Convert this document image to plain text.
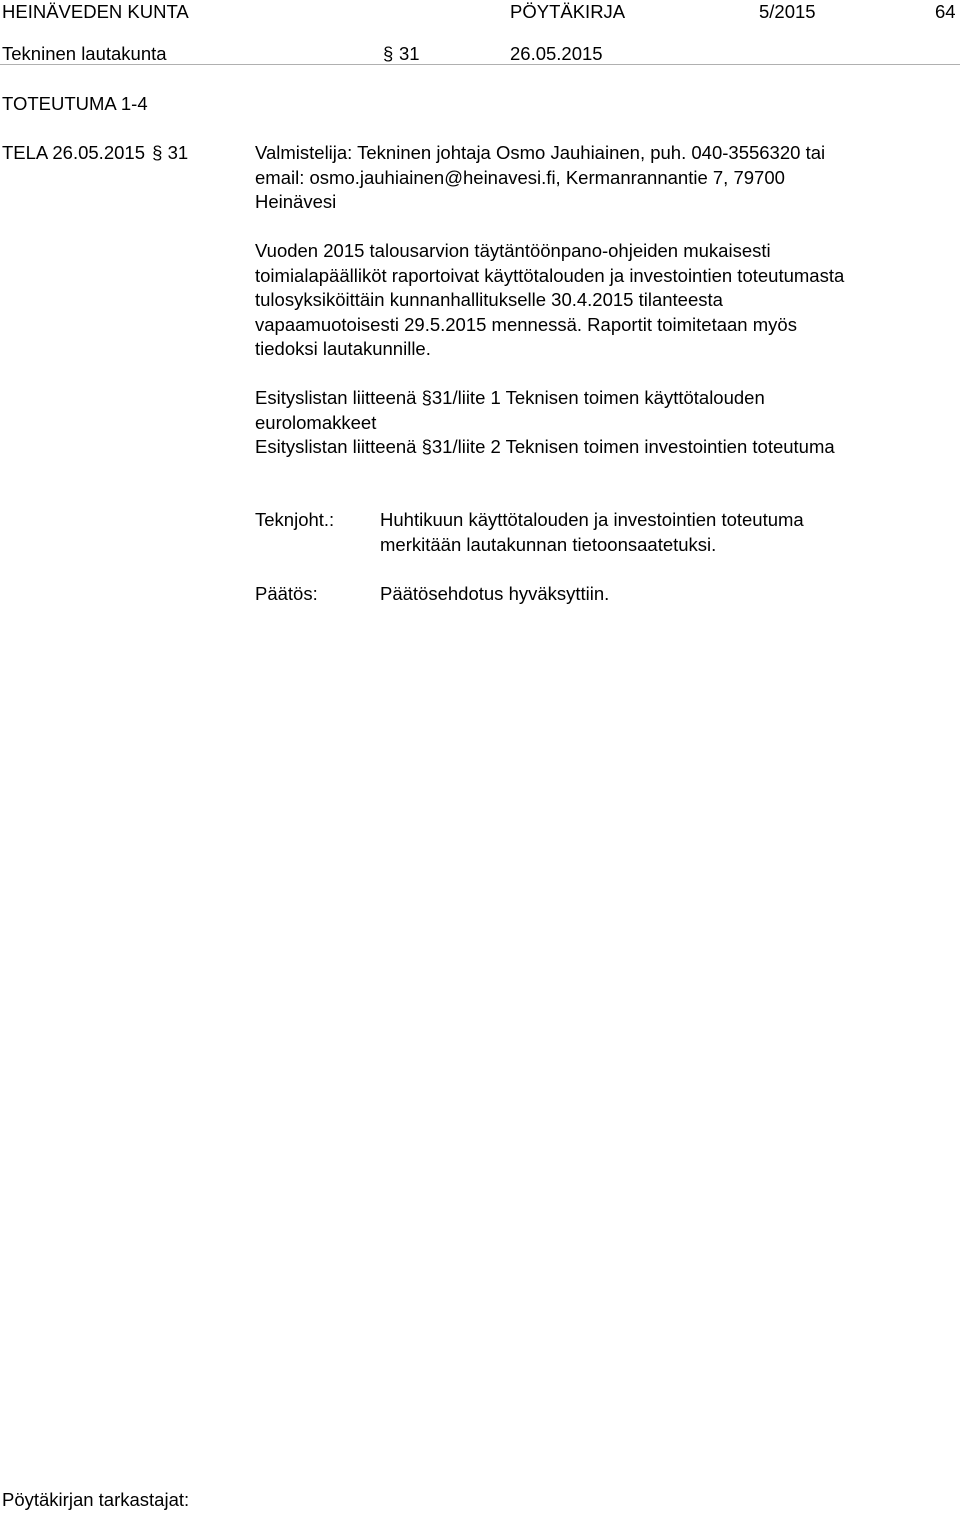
HEINÄVEDEN KUNTA	PÖYTÄKIRJA	5/2015	64
Tekninen lautakunta	§ 31	26.05.2015
TOTEUTUMA 1-4
TELA 26.05.2015 § 31	Valmistelija: Tekninen johtaja Osmo Jauhiainen, puh. 040-3556320 tai

email: osmo.jauhiainen@heinavesi.fi, Kermanrannantie 7, 79700

Heinävesi

Vuoden 2015 talousarvion täytäntöönpano-ohjeiden mukaisesti

toimialapäälliköt raportoivat käyttötalouden ja investointien toteutumasta

tulosyksiköittäin kunnanhallitukselle 30.4.2015 tilanteesta

vapaamuotoisesti 29.5.2015 mennessä. Raportit toimitetaan myös

tiedoksi lautakunnille.

Esityslistan liitteenä §31/liite 1 Teknisen toimen käyttötalouden

eurolomakkeet

Esityslistan liitteenä §31/liite 2 Teknisen toimen investointien toteutuma

Teknjoht.: Huhtikuun käyttötalouden ja investointien toteutuma

merkitään lautakunnan tietoonsaatetuksi.

Päätös:	Päätösehdotus hyväksyttiin.
Pöytäkirjan tarkastajat:
